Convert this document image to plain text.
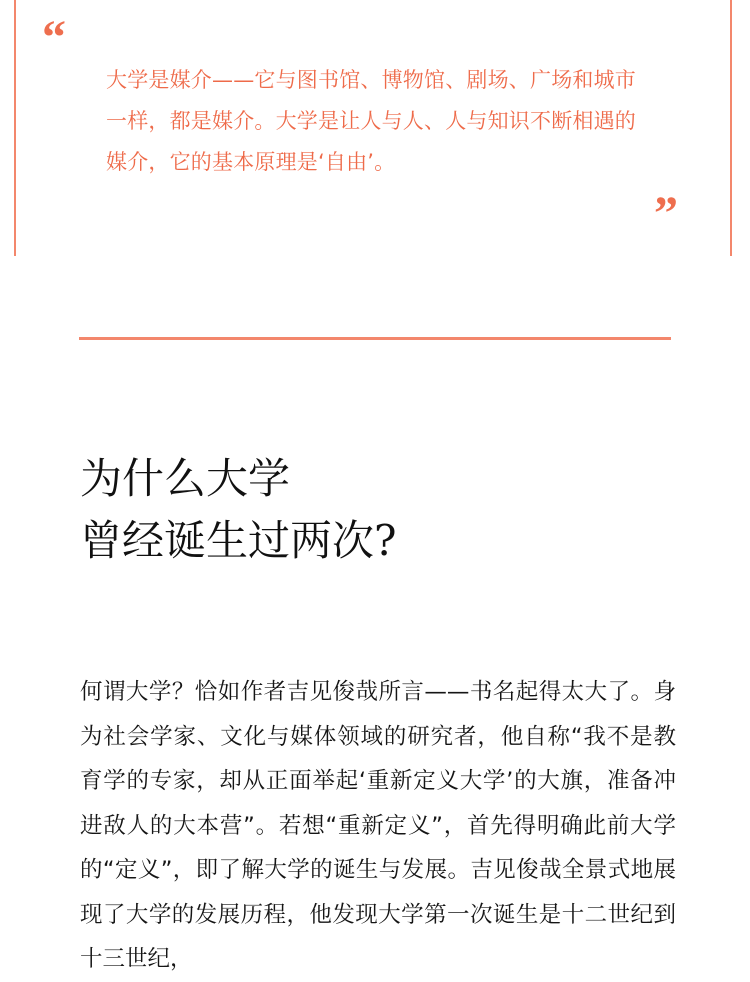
“

大学是媒介——它与图书馆、博物馆、剧场、广场和城市一样，都是媒介。大学是让人与人、人与知识不断相遇的媒介，它的基本原理是‘自由’。

”
为什么大学
曾经诞生过两次?

何谓大学？恰如作者吉见俊哉所言——书名起得太大了。身为社会学家、文化与媒体领域的研究者，他自称“我不是教育学的专家，却从正面举起‘重新定义大学’的大旗，准备冲进敌人的大本营”。若想“重新定义”，首先得明确此前大学的“定义”，即了解大学的诞生与发展。吉见俊哉全景式地展现了大学的发展历程，他发现大学第一次诞生是十二世纪到十三世纪，
